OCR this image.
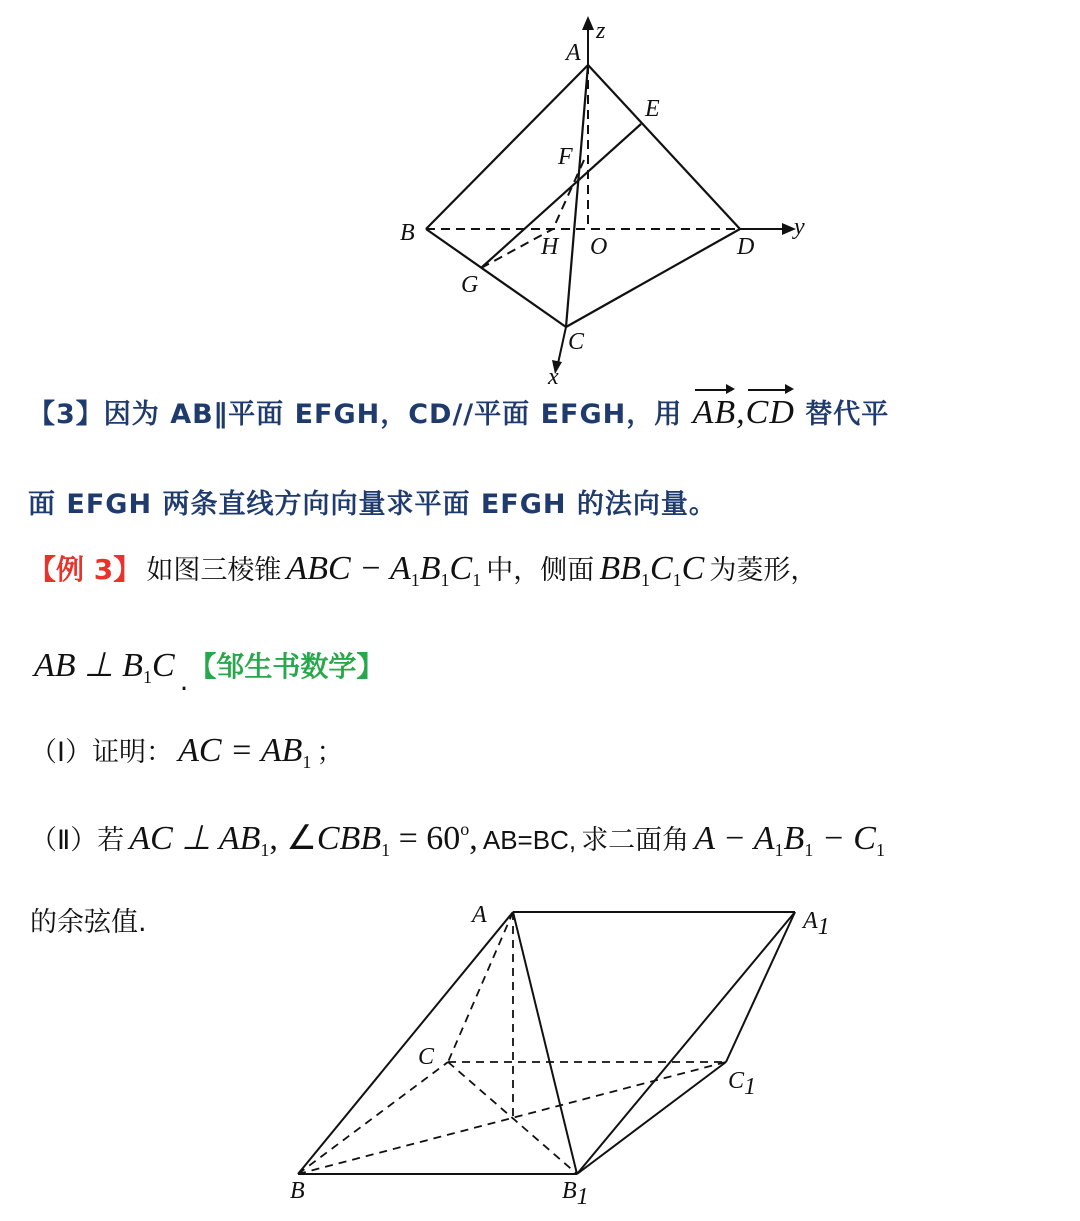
A
z
E
F
B
H O	D
y
G
C
x
【3】因为 AB∥平面 EFGH，CD//平面 EFGH，用 AB,CD 替代平
面 EFGH 两条直线方向向量求平面 EFGH 的法向量。
【例 3】 如图三棱锥 ABC − $A_1B_1C_1$ 中，侧面 $BB_1C_1C$ 为菱形，
AB ⊥ $B_1C$ .【邹生书数学】
（Ⅰ）证明： AC = $AB_1$ ；
（Ⅱ）若 AC ⊥ $AB_1$, $\angle CBB_1 = 60^o$, AB=BC, 求二面角 $A - A_1B_1 - C_1$
的余弦值.	A	A1
C
C1
B	B1
